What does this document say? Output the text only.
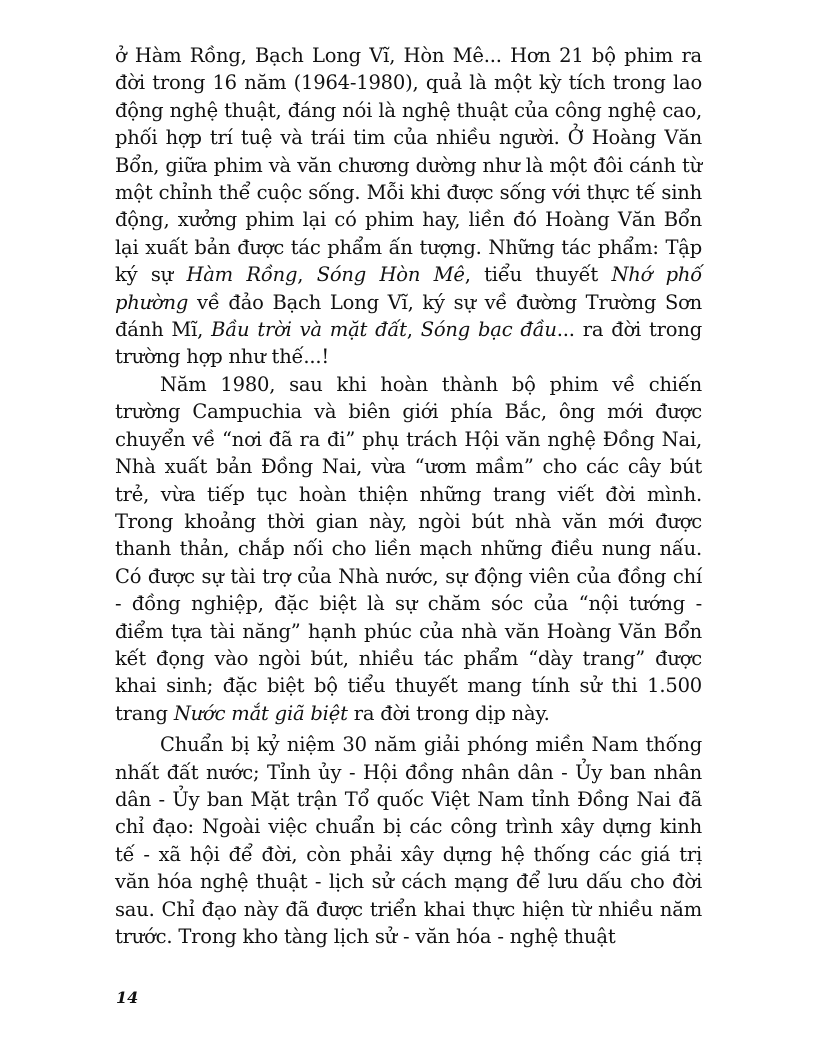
ở Hàm Rồng, Bạch Long Vĩ, Hòn Mê... Hơn 21 bộ phim ra đời trong 16 năm (1964-1980), quả là một kỳ tích trong lao động nghệ thuật, đáng nói là nghệ thuật của công nghệ cao, phối hợp trí tuệ và trái tim của nhiều người. Ở Hoàng Văn Bổn, giữa phim và văn chương dường như là một đôi cánh từ một chỉnh thể cuộc sống. Mỗi khi được sống với thực tế sinh động, xưởng phim lại có phim hay, liền đó Hoàng Văn Bổn lại xuất bản được tác phẩm ấn tượng. Những tác phẩm: Tập ký sự Hàm Rồng, Sóng Hòn Mê, tiểu thuyết Nhớ phố phường về đảo Bạch Long Vĩ, ký sự về đường Trường Sơn đánh Mĩ, Bầu trời và mặt đất, Sóng bạc đầu... ra đời trong trường hợp như thế...!

Năm 1980, sau khi hoàn thành bộ phim về chiến trường Campuchia và biên giới phía Bắc, ông mới được chuyển về “nơi đã ra đi” phụ trách Hội văn nghệ Đồng Nai, Nhà xuất bản Đồng Nai, vừa “ươm mầm” cho các cây bút trẻ, vừa tiếp tục hoàn thiện những trang viết đời mình. Trong khoảng thời gian này, ngòi bút nhà văn mới được thanh thản, chắp nối cho liền mạch những điều nung nấu. Có được sự tài trợ của Nhà nước, sự động viên của đồng chí - đồng nghiệp, đặc biệt là sự chăm sóc của “nội tướng - điểm tựa tài năng” hạnh phúc của nhà văn Hoàng Văn Bổn kết đọng vào ngòi bút, nhiều tác phẩm “dày trang” được khai sinh; đặc biệt bộ tiểu thuyết mang tính sử thi 1.500 trang Nước mắt giã biệt ra đời trong dịp này.

Chuẩn bị kỷ niệm 30 năm giải phóng miền Nam thống nhất đất nước; Tỉnh ủy - Hội đồng nhân dân - Ủy ban nhân dân - Ủy ban Mặt trận Tổ quốc Việt Nam tỉnh Đồng Nai đã chỉ đạo: Ngoài việc chuẩn bị các công trình xây dựng kinh tế - xã hội để đời, còn phải xây dựng hệ thống các giá trị văn hóa nghệ thuật - lịch sử cách mạng để lưu dấu cho đời sau. Chỉ đạo này đã được triển khai thực hiện từ nhiều năm trước. Trong kho tàng lịch sử - văn hóa - nghệ thuật

14
